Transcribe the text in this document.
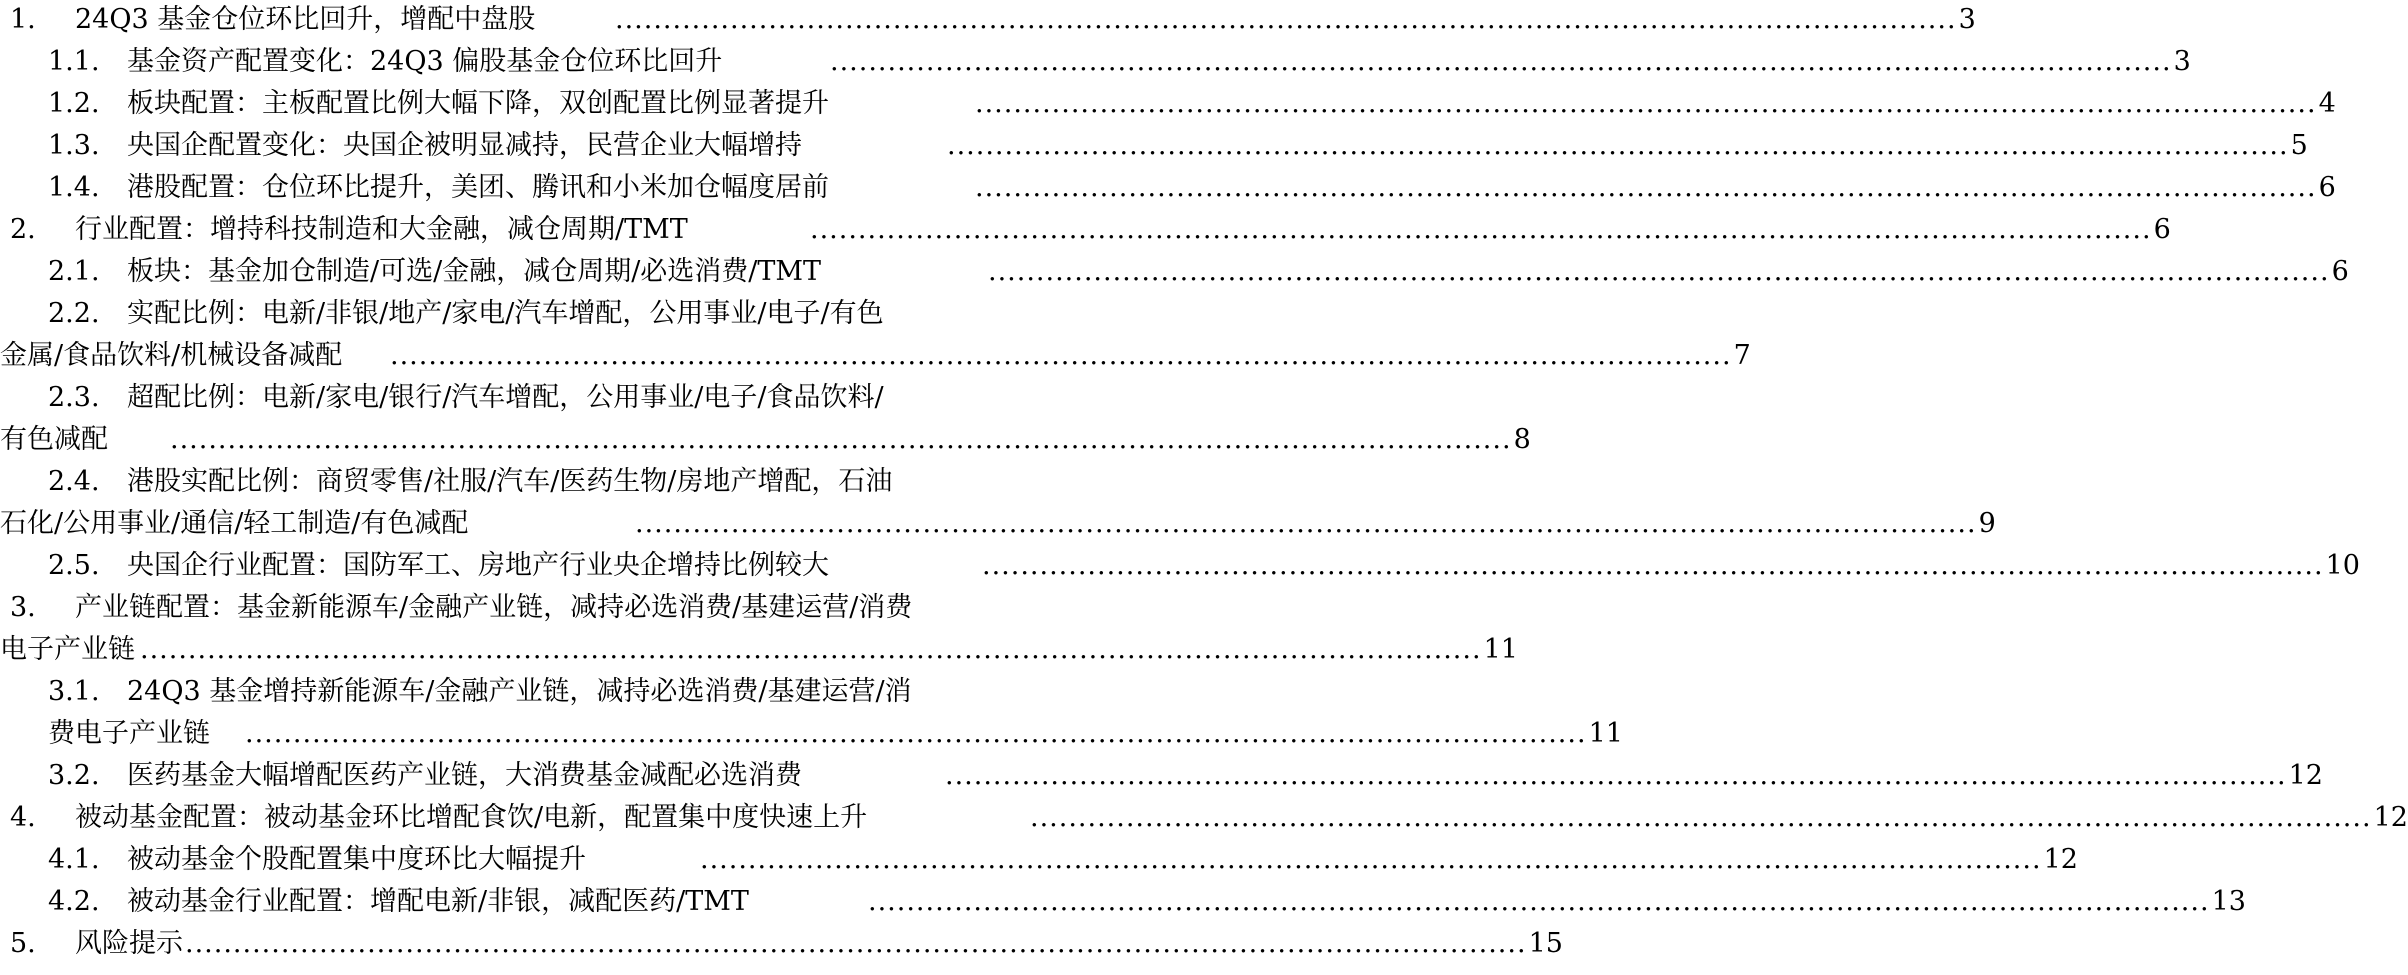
1. 24Q3 基金仓位环比回升，增配中盘股	............................................................................................................................................ 3
1.1. 基金资产配置变化：24Q3 偏股基金仓位环比回升	............................................................................................................................................ 3
1.2. 板块配置：主板配置比例大幅下降，双创配置比例显著提升	............................................................................................................................................ 4
1.3. 央国企配置变化：央国企被明显减持，民营企业大幅增持	............................................................................................................................................ 5
1.4. 港股配置：仓位环比提升，美团、腾讯和小米加仓幅度居前	............................................................................................................................................ 6
2. 行业配置：增持科技制造和大金融，减仓周期/TMT	............................................................................................................................................ 6
2.1. 板块：基金加仓制造/可选/金融，减仓周期/必选消费/TMT	............................................................................................................................................ 6
2.2. 实配比例：电新/非银/地产/家电/汽车增配，公用事业/电子/有色
金属/食品饮料/机械设备减配 ............................................................................................................................................ 7
2.3. 超配比例：电新/家电/银行/汽车增配，公用事业/电子/食品饮料/
有色减配 ............................................................................................................................................ 8
2.4. 港股实配比例：商贸零售/社服/汽车/医药生物/房地产增配，石油
石化/公用事业/通信/轻工制造/有色减配	............................................................................................................................................ 9
2.5. 央国企行业配置：国防军工、房地产行业央企增持比例较大	............................................................................................................................................ 10
3. 产业链配置：基金新能源车/金融产业链，减持必选消费/基建运营/消费
电子产业链 ............................................................................................................................................ 11
3.1. 24Q3 基金增持新能源车/金融产业链，减持必选消费/基建运营/消
费电子产业链 ............................................................................................................................................ 11
3.2. 医药基金大幅增配医药产业链，大消费基金减配必选消费	............................................................................................................................................ 12
4. 被动基金配置：被动基金环比增配食饮/电新，配置集中度快速上升	............................................................................................................................................ 12
4.1. 被动基金个股配置集中度环比大幅提升	............................................................................................................................................ 12
4.2. 被动基金行业配置：增配电新/非银，减配医药/TMT	............................................................................................................................................ 13
5. 风险提示 ............................................................................................................................................ 15
